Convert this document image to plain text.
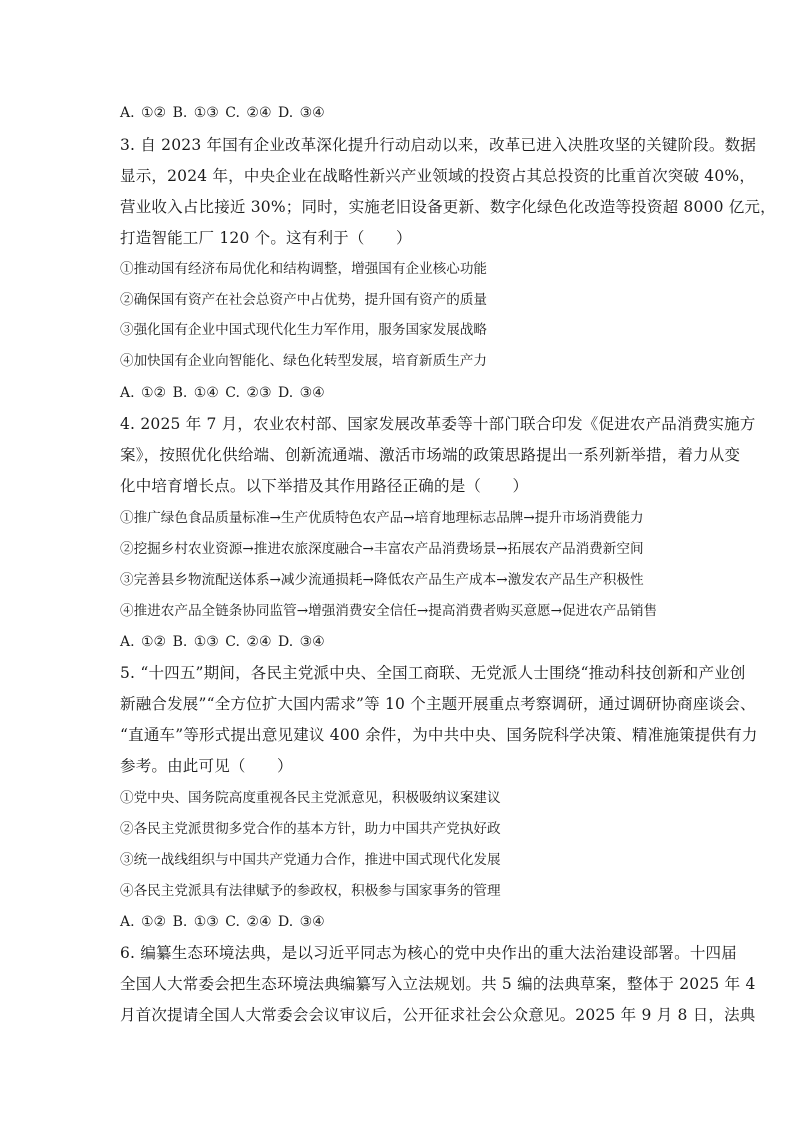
A. ①② B. ①③ C. ②④ D. ③④
3. 自 2023 年国有企业改革深化提升行动启动以来，改革已进入决胜攻坚的关键阶段。数据
显示，2024 年，中央企业在战略性新兴产业领域的投资占其总投资的比重首次突破 40%，
营业收入占比接近 30%；同时，实施老旧设备更新、数字化绿色化改造等投资超 8000 亿元，
打造智能工厂 120 个。这有利于（　　）
①推动国有经济布局优化和结构调整，增强国有企业核心功能
②确保国有资产在社会总资产中占优势，提升国有资产的质量
③强化国有企业中国式现代化生力军作用，服务国家发展战略
④加快国有企业向智能化、绿色化转型发展，培育新质生产力
A. ①② B. ①④ C. ②③ D. ③④
4. 2025 年 7 月，农业农村部、国家发展改革委等十部门联合印发《促进农产品消费实施方
案》，按照优化供给端、创新流通端、激活市场端的政策思路提出一系列新举措，着力从变
化中培育增长点。以下举措及其作用路径正确的是（　　）
①推广绿色食品质量标准→生产优质特色农产品→培育地理标志品牌→提升市场消费能力
②挖掘乡村农业资源→推进农旅深度融合→丰富农产品消费场景→拓展农产品消费新空间
③完善县乡物流配送体系→减少流通损耗→降低农产品生产成本→激发农产品生产积极性
④推进农产品全链条协同监管→增强消费安全信任→提高消费者购买意愿→促进农产品销售
A. ①② B. ①③ C. ②④ D. ③④
5. “十四五”期间，各民主党派中央、全国工商联、无党派人士围绕“推动科技创新和产业创
新融合发展”“全方位扩大国内需求”等 10 个主题开展重点考察调研，通过调研协商座谈会、
“直通车”等形式提出意见建议 400 余件，为中共中央、国务院科学决策、精准施策提供有力
参考。由此可见（　　）
①党中央、国务院高度重视各民主党派意见，积极吸纳议案建议
②各民主党派贯彻多党合作的基本方针，助力中国共产党执好政
③统一战线组织与中国共产党通力合作，推进中国式现代化发展
④各民主党派具有法律赋予的参政权，积极参与国家事务的管理
A. ①② B. ①③ C. ②④ D. ③④
6. 编纂生态环境法典，是以习近平同志为核心的党中央作出的重大法治建设部署。十四届
全国人大常委会把生态环境法典编纂写入立法规划。共 5 编的法典草案，整体于 2025 年 4
月首次提请全国人大常委会会议审议后，公开征求社会公众意见。2025 年 9 月 8 日，法典
